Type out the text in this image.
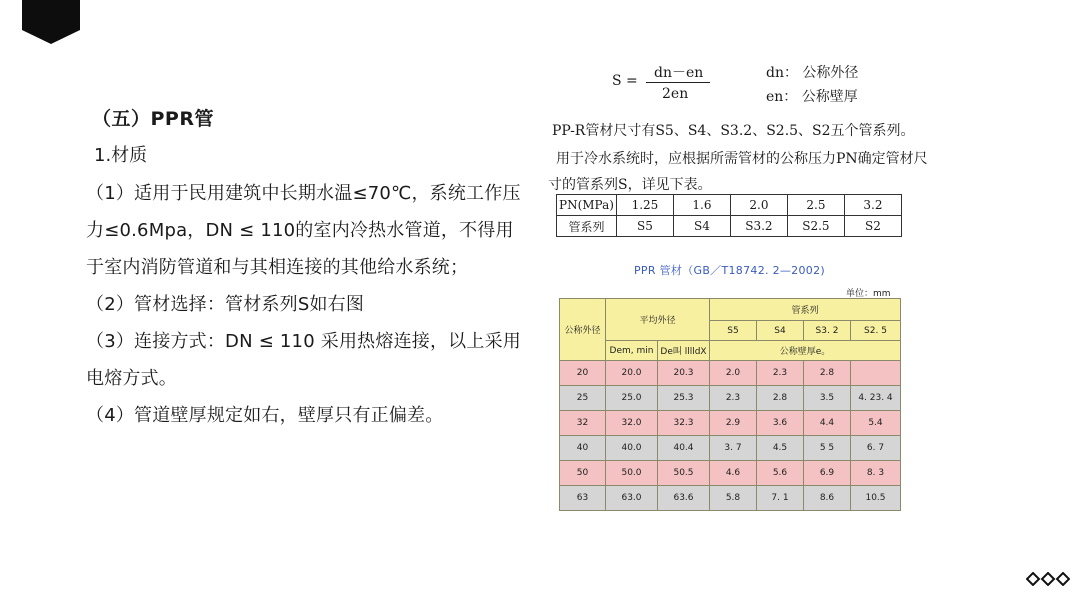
（五）PPR管
1.材质
（1）适用于民用建筑中长期水温≤70℃，系统工作压力≤0.6Mpa，DN ≤ 110的室内冷热水管道，不得用于室内消防管道和与其相连接的其他给水系统；
（2）管材选择：管材系列S如右图
（3）连接方式：DN ≤ 110 采用热熔连接，以上采用电熔方式。
（4）管道壁厚规定如右，壁厚只有正偏差。
S = dn－en
2en
dn： 公称外径
en： 公称壁厚
PP-R管材尺寸有S5、S4、S3.2、S2.5、S2五个管系列。
用于冷水系统时，应根据所需管材的公称压力PN确定管材尺
寸的管系列S，详见下表。
PN(MPa)	1.25	1.6	2.0	2.5	3.2
管系列	S5	S4	S3.2	S2.5	S2
PPR 管材（GB／T18742. 2—2002)
单位：mm
公称外径	平均外径		管系列			
			S5	S4	S3. 2	S2. 5
	Dem, min	De叫 lllldX	公称壁厚e。			
20	20.0	20.3	2.0	2.3	2.8	
25	25.0	25.3	2.3	2.8	3.5	4. 23. 4
32	32.0	32.3	2.9	3.6	4.4	5.4
40	40.0	40.4	3. 7	4.5	5 5	6. 7
50	50.0	50.5	4.6	5.6	6.9	8. 3
63	63.0	63.6	5.8	7. 1	8.6	10.5
